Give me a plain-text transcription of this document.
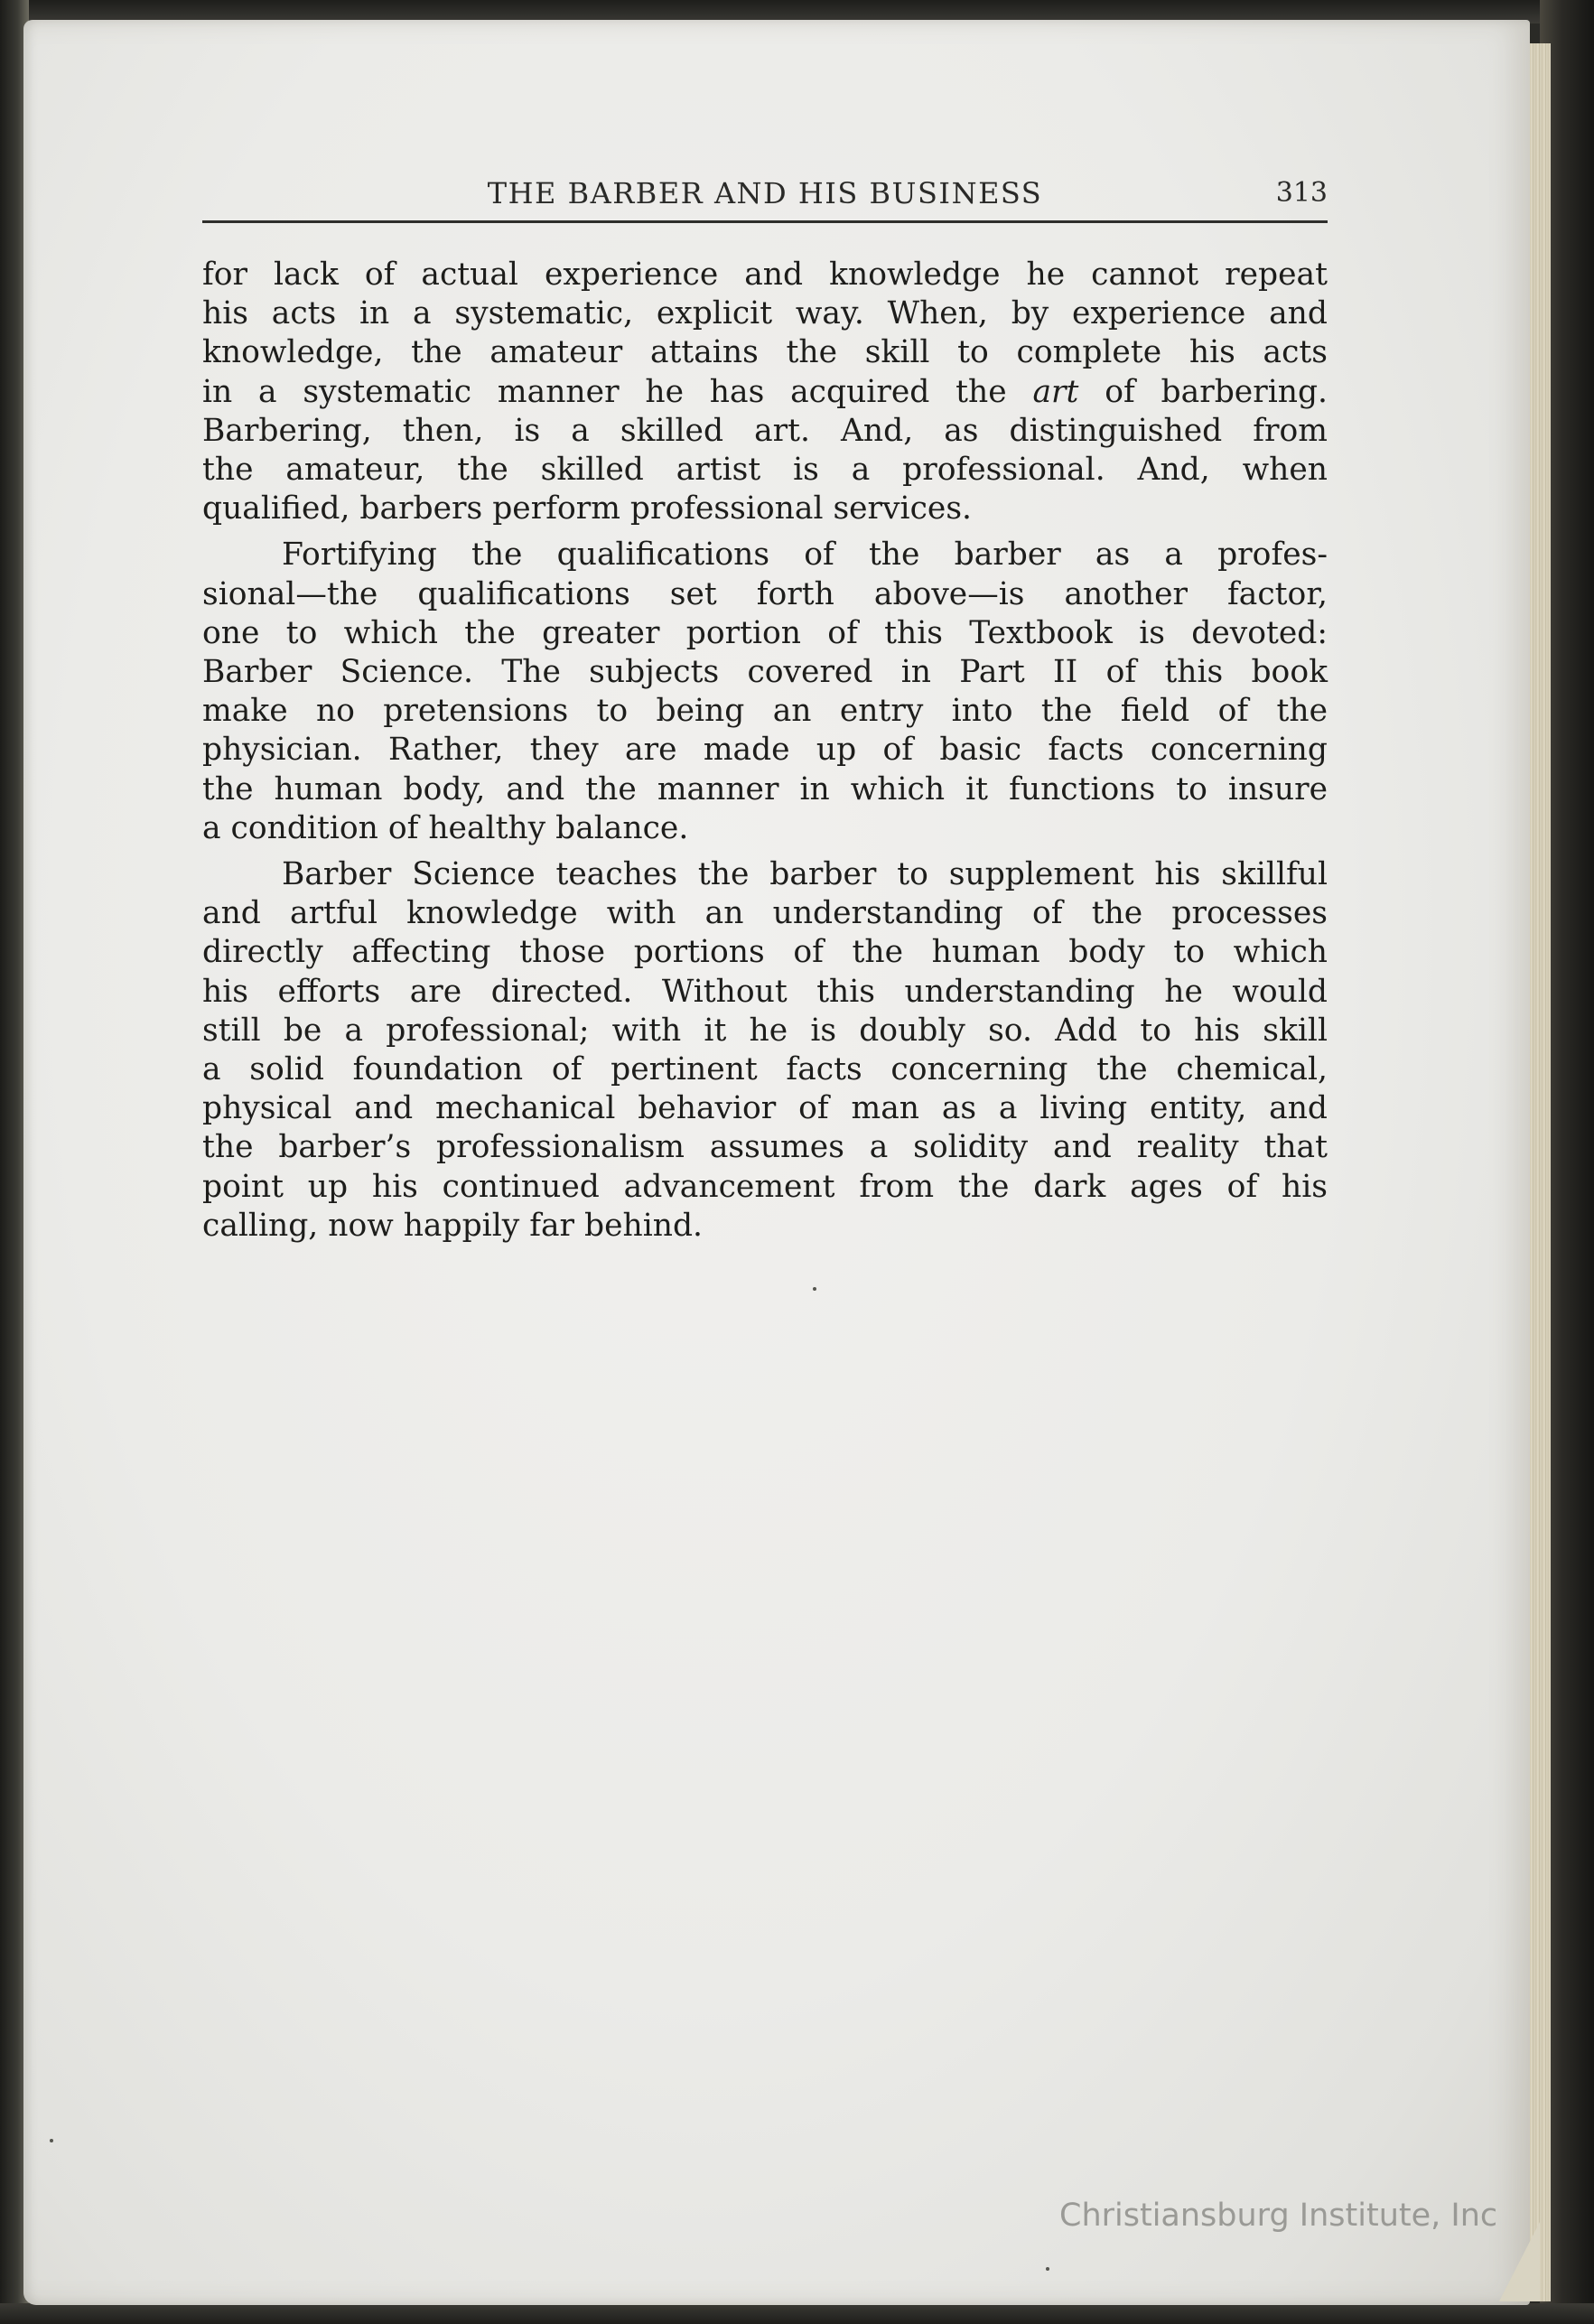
THE BARBER AND HIS BUSINESS	313
for lack of actual experience and knowledge he cannot repeat
his acts in a systematic, explicit way. When, by experience and
knowledge, the amateur attains the skill to complete his acts
in a systematic manner he has acquired the art of barbering.
Barbering, then, is a skilled art. And, as distinguished from
the amateur, the skilled artist is a professional. And, when
qualified, barbers perform professional services.
Fortifying the qualifications of the barber as a profes-
sional—the qualifications set forth above—is another factor,
one to which the greater portion of this Textbook is devoted:
Barber Science. The subjects covered in Part II of this book
make no pretensions to being an entry into the field of the
physician. Rather, they are made up of basic facts concerning
the human body, and the manner in which it functions to insure
a condition of healthy balance.
Barber Science teaches the barber to supplement his skillful
and artful knowledge with an understanding of the processes
directly affecting those portions of the human body to which
his efforts are directed. Without this understanding he would
still be a professional; with it he is doubly so. Add to his skill
a solid foundation of pertinent facts concerning the chemical,
physical and mechanical behavior of man as a living entity, and
the barber’s professionalism assumes a solidity and reality that
point up his continued advancement from the dark ages of his
calling, now happily far behind.
Christiansburg Institute, Inc
